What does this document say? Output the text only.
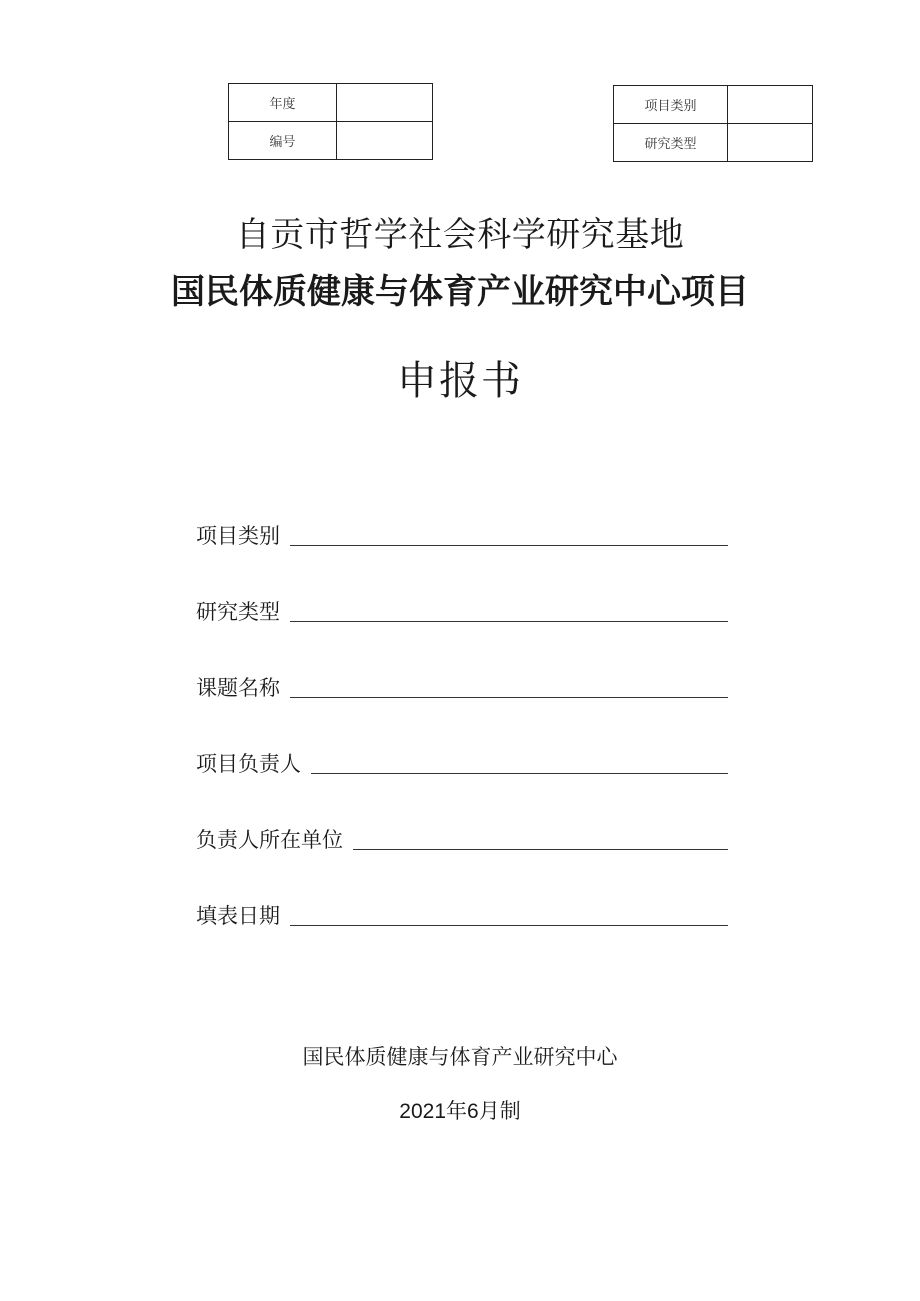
年度	
编号	
项目类别	
研究类型	
自贡市哲学社会科学研究基地
国民体质健康与体育产业研究中心项目
申报书
项目类别
研究类型
课题名称
项目负责人
负责人所在单位
填表日期
国民体质健康与体育产业研究中心
2021年6月制
